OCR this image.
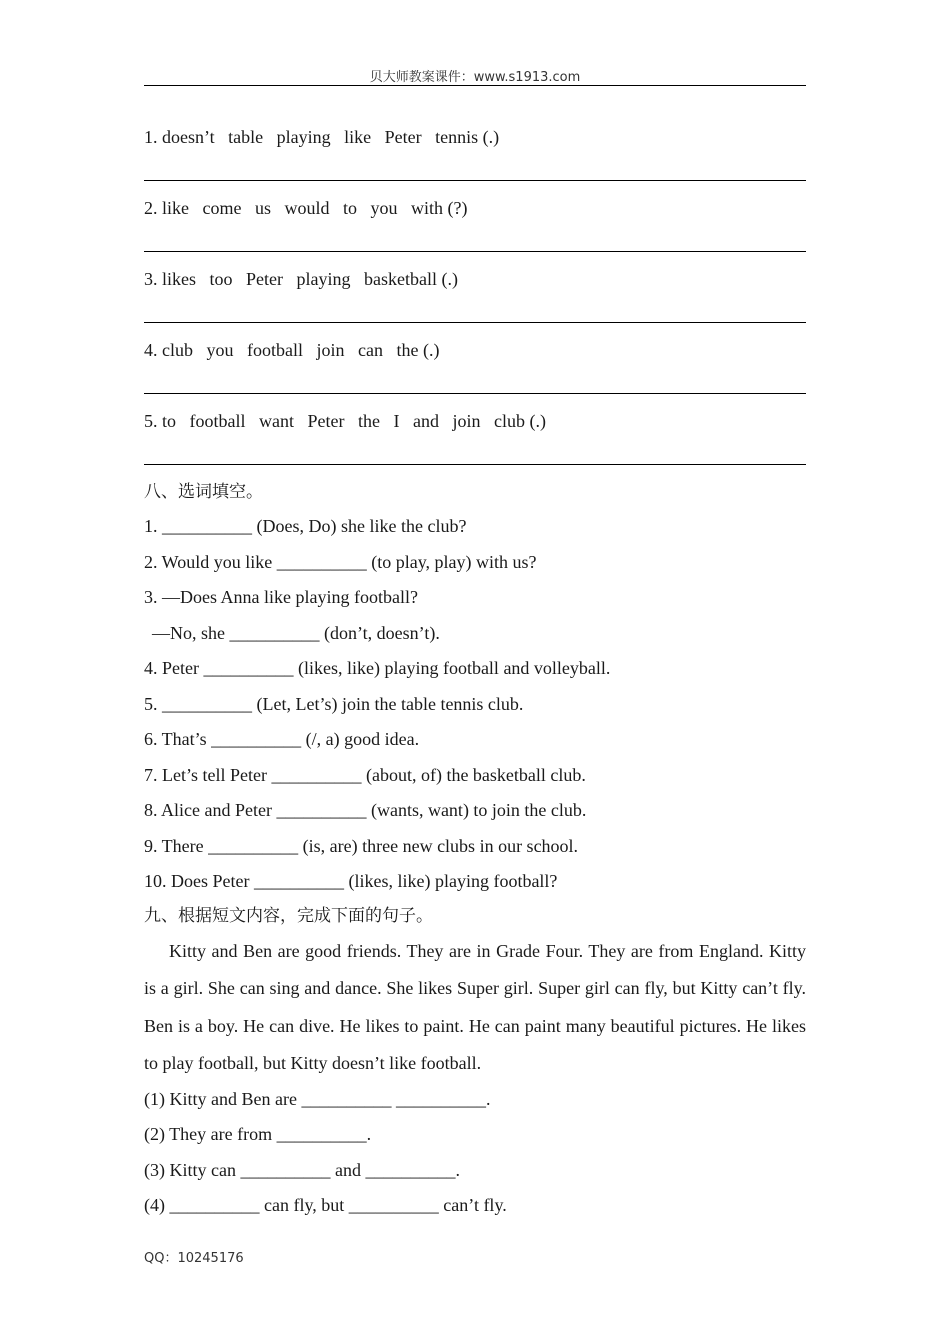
贝大师教案课件：www.s1913.com
1. doesn’t table playing like Peter tennis (.)
2. like come us would to you with (?)
3. likes too Peter playing basketball (.)
4. club you football join can the (.)
5. to football want Peter the I and join club (.)
八、选词填空。
1. __________ (Does, Do) she like the club?
2. Would you like __________ (to play, play) with us?
3. —Does Anna like playing football?
—No, she __________ (don’t, doesn’t).
4. Peter __________ (likes, like) playing football and volleyball.
5. __________ (Let, Let’s) join the table tennis club.
6. That’s __________ (/, a) good idea.
7. Let’s tell Peter __________ (about, of) the basketball club.
8. Alice and Peter __________ (wants, want) to join the club.
9. There __________ (is, are) three new clubs in our school.
10. Does Peter __________ (likes, like) playing football?
九、根据短文内容，完成下面的句子。
Kitty and Ben are good friends. They are in Grade Four. They are from England. Kitty is a girl. She can sing and dance. She likes Super girl. Super girl can fly, but Kitty can’t fly. Ben is a boy. He can dive. He likes to paint. He can paint many beautiful pictures. He likes to play football, but Kitty doesn’t like football.
(1) Kitty and Ben are __________ __________.
(2) They are from __________.
(3) Kitty can __________ and __________.
(4) __________ can fly, but __________ can’t fly.
QQ：10245176
